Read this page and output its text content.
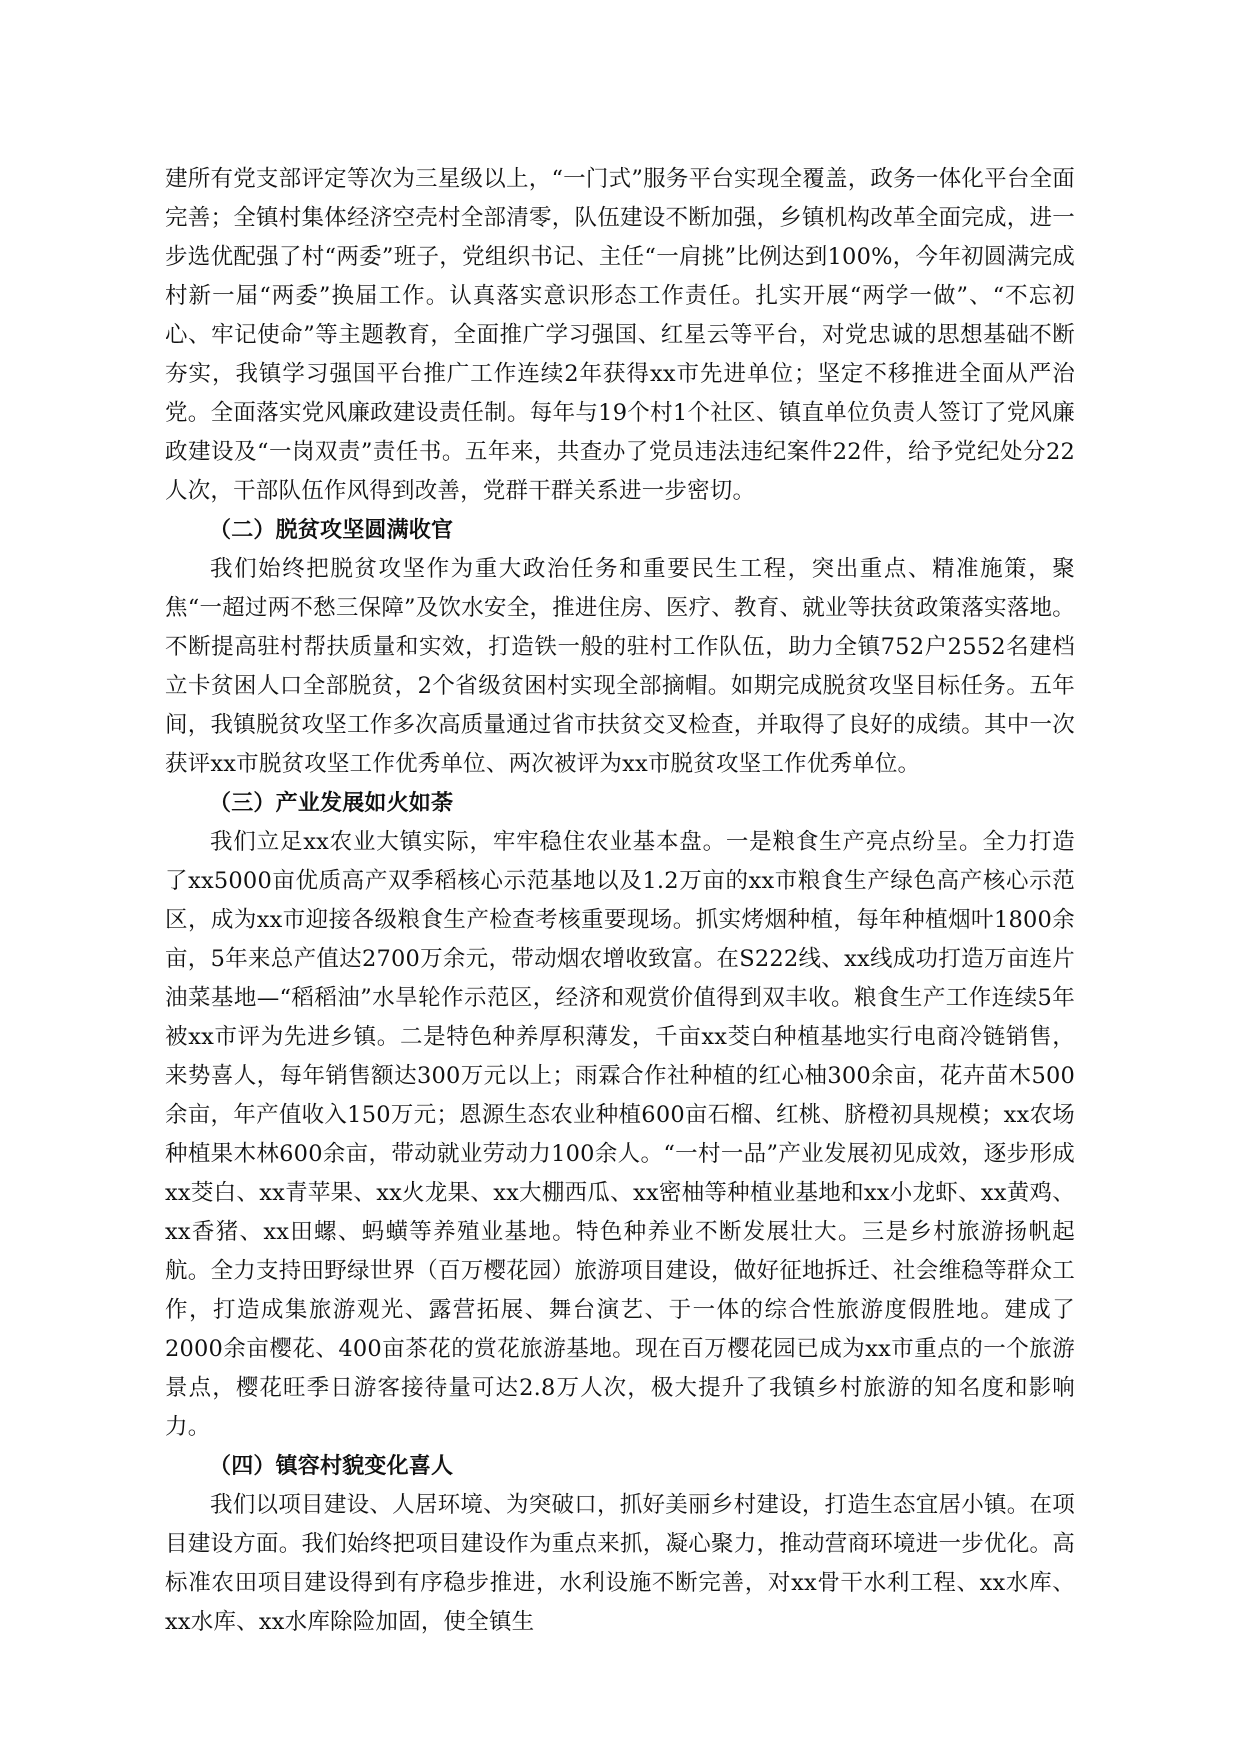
建所有党支部评定等次为三星级以上，“一门式”服务平台实现全覆盖，政务一体化平台全面完善；全镇村集体经济空壳村全部清零，队伍建设不断加强，乡镇机构改革全面完成，进一步选优配强了村“两委”班子，党组织书记、主任“一肩挑”比例达到100%，今年初圆满完成村新一届“两委”换届工作。认真落实意识形态工作责任。扎实开展“两学一做”、“不忘初心、牢记使命”等主题教育，全面推广学习强国、红星云等平台，对党忠诚的思想基础不断夯实，我镇学习强国平台推广工作连续2年获得xx市先进单位；坚定不移推进全面从严治党。全面落实党风廉政建设责任制。每年与19个村1个社区、镇直单位负责人签订了党风廉政建设及“一岗双责”责任书。五年来，共查办了党员违法违纪案件22件，给予党纪处分22人次，干部队伍作风得到改善，党群干群关系进一步密切。

（二）脱贫攻坚圆满收官

我们始终把脱贫攻坚作为重大政治任务和重要民生工程，突出重点、精准施策，聚焦“一超过两不愁三保障”及饮水安全，推进住房、医疗、教育、就业等扶贫政策落实落地。不断提高驻村帮扶质量和实效，打造铁一般的驻村工作队伍，助力全镇752户2552名建档立卡贫困人口全部脱贫，2个省级贫困村实现全部摘帽。如期完成脱贫攻坚目标任务。五年间，我镇脱贫攻坚工作多次高质量通过省市扶贫交叉检查，并取得了良好的成绩。其中一次获评xx市脱贫攻坚工作优秀单位、两次被评为xx市脱贫攻坚工作优秀单位。

（三）产业发展如火如荼

我们立足xx农业大镇实际，牢牢稳住农业基本盘。一是粮食生产亮点纷呈。全力打造了xx5000亩优质高产双季稻核心示范基地以及1.2万亩的xx市粮食生产绿色高产核心示范区，成为xx市迎接各级粮食生产检查考核重要现场。抓实烤烟种植，每年种植烟叶1800余亩，5年来总产值达2700万余元，带动烟农增收致富。在S222线、xx线成功打造万亩连片油菜基地—“稻稻油”水旱轮作示范区，经济和观赏价值得到双丰收。粮食生产工作连续5年被xx市评为先进乡镇。二是特色种养厚积薄发，千亩xx茭白种植基地实行电商冷链销售，来势喜人，每年销售额达300万元以上；雨霖合作社种植的红心柚300余亩，花卉苗木500余亩，年产值收入150万元；恩源生态农业种植600亩石榴、红桃、脐橙初具规模；xx农场种植果木林600余亩，带动就业劳动力100余人。“一村一品”产业发展初见成效，逐步形成xx茭白、xx青苹果、xx火龙果、xx大棚西瓜、xx密柚等种植业基地和xx小龙虾、xx黄鸡、xx香猪、xx田螺、蚂蟥等养殖业基地。特色种养业不断发展壮大。三是乡村旅游扬帆起航。全力支持田野绿世界（百万樱花园）旅游项目建设，做好征地拆迁、社会维稳等群众工作，打造成集旅游观光、露营拓展、舞台演艺、于一体的综合性旅游度假胜地。建成了2000余亩樱花、400亩茶花的赏花旅游基地。现在百万樱花园已成为xx市重点的一个旅游景点，樱花旺季日游客接待量可达2.8万人次，极大提升了我镇乡村旅游的知名度和影响力。

（四）镇容村貌变化喜人

我们以项目建设、人居环境、为突破口，抓好美丽乡村建设，打造生态宜居小镇。在项目建设方面。我们始终把项目建设作为重点来抓，凝心聚力，推动营商环境进一步优化。高标准农田项目建设得到有序稳步推进，水利设施不断完善，对xx骨干水利工程、xx水库、xx水库、xx水库除险加固，使全镇生
